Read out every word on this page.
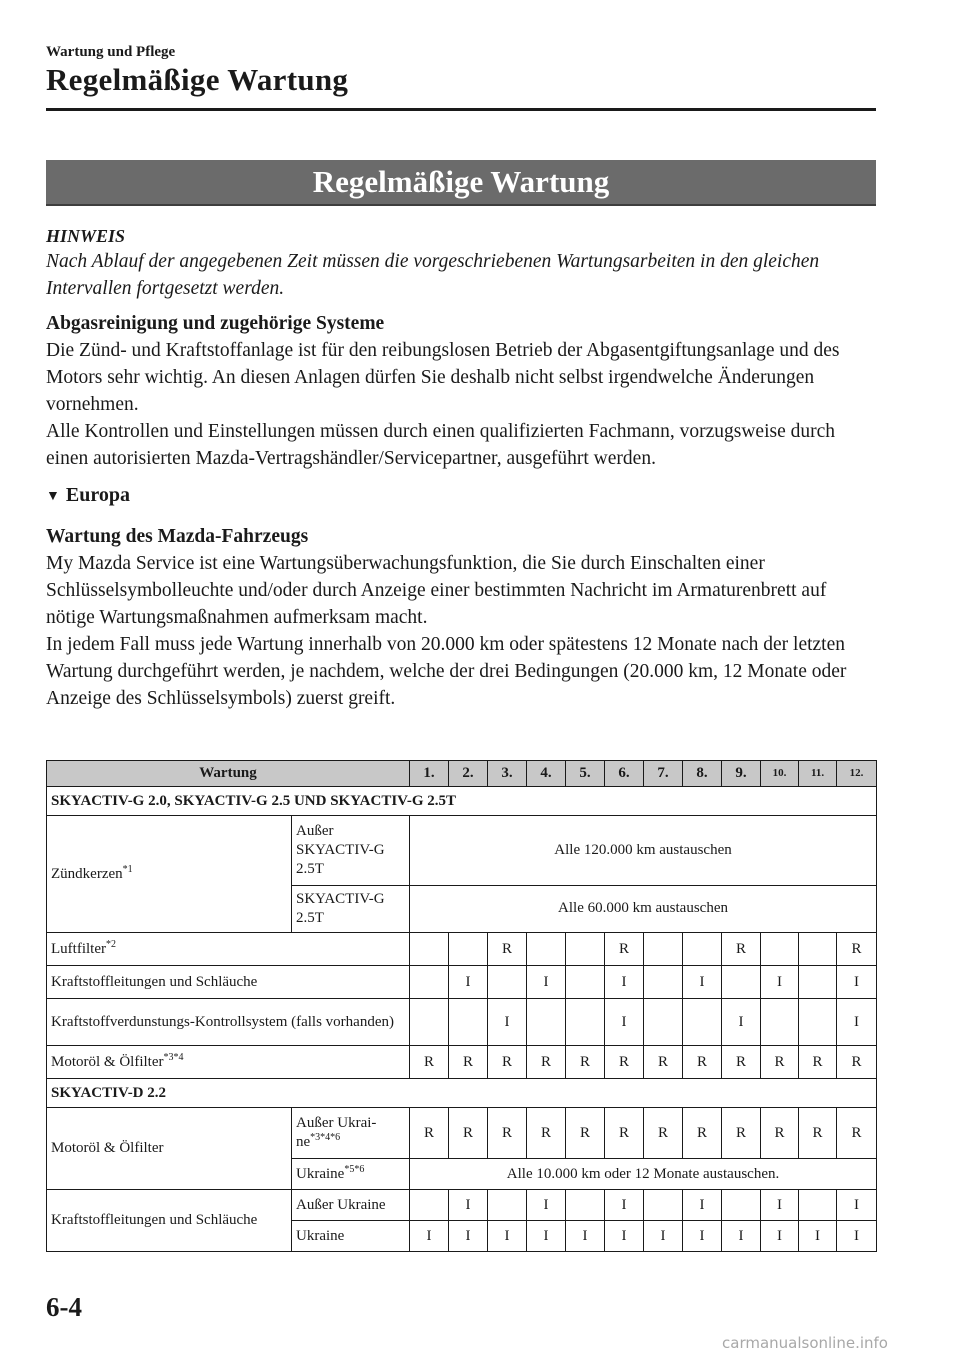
Wartung und Pflege
Regelmäßige Wartung
Regelmäßige Wartung

HINWEIS

Nach Ablauf der angegebenen Zeit müssen die vorgeschriebenen Wartungsarbeiten in den gleichen Intervallen fortgesetzt werden.

Abgasreinigung und zugehörige Systeme

Die Zünd- und Kraftstoffanlage ist für den reibungslosen Betrieb der Abgasentgiftungsanlage und des Motors sehr wichtig. An diesen Anlagen dürfen Sie deshalb nicht selbst irgendwelche Änderungen vornehmen.

Alle Kontrollen und Einstellungen müssen durch einen qualifizierten Fachmann, vorzugsweise durch einen autorisierten Mazda-Vertragshändler/Servicepartner, ausgeführt werden.

▼ Europa

Wartung des Mazda-Fahrzeugs

My Mazda Service ist eine Wartungsüberwachungsfunktion, die Sie durch Einschalten einer Schlüsselsymbolleuchte und/oder durch Anzeige einer bestimmten Nachricht im Armaturenbrett auf nötige Wartungsmaßnahmen aufmerksam macht.

In jedem Fall muss jede Wartung innerhalb von 20.000 km oder spätestens 12 Monate nach der letzten Wartung durchgeführt werden, je nachdem, welche der drei Bedingungen (20.000 km, 12 Monate oder Anzeige des Schlüsselsymbols) zuerst greift.

Wartung		1.	2.	3.	4.	5.	6.	7.	8.	9.	10.	11.	12.
SKYACTIV-G 2.0, SKYACTIV-G 2.5 UND SKYACTIV-G 2.5T													
Zündkerzen$^{*1}$	Außer SKYACTIV-G 2.5T	Alle 120.000 km austauschen											
	SKYACTIV-G 2.5T	Alle 60.000 km austauschen											
Luftfilter$^{*2}$				R			R			R			R
Kraftstoffleitungen und Schläuche			I		I		I		I		I		I
Kraftstoffverdunstungs-Kontrollsystem (falls vorhanden)				I			I			I			I
Motoröl & Ölfilter$^{*3*4}$		R	R	R	R	R	R	R	R	R	R	R	R
SKYACTIV-D 2.2													
Motoröl & Ölfilter	Außer Ukraine$^{*3*4*6}$	R	R	R	R	R	R	R	R	R	R	R	R
	Ukraine$^{*5*6}$	Alle 10.000 km oder 12 Monate austauschen.											
Kraftstoffleitungen und Schläuche	Außer Ukraine		I		I		I		I		I		I
	Ukraine	I	I	I	I	I	I	I	I	I	I	I	I
6-4
carmanualsonline.info
